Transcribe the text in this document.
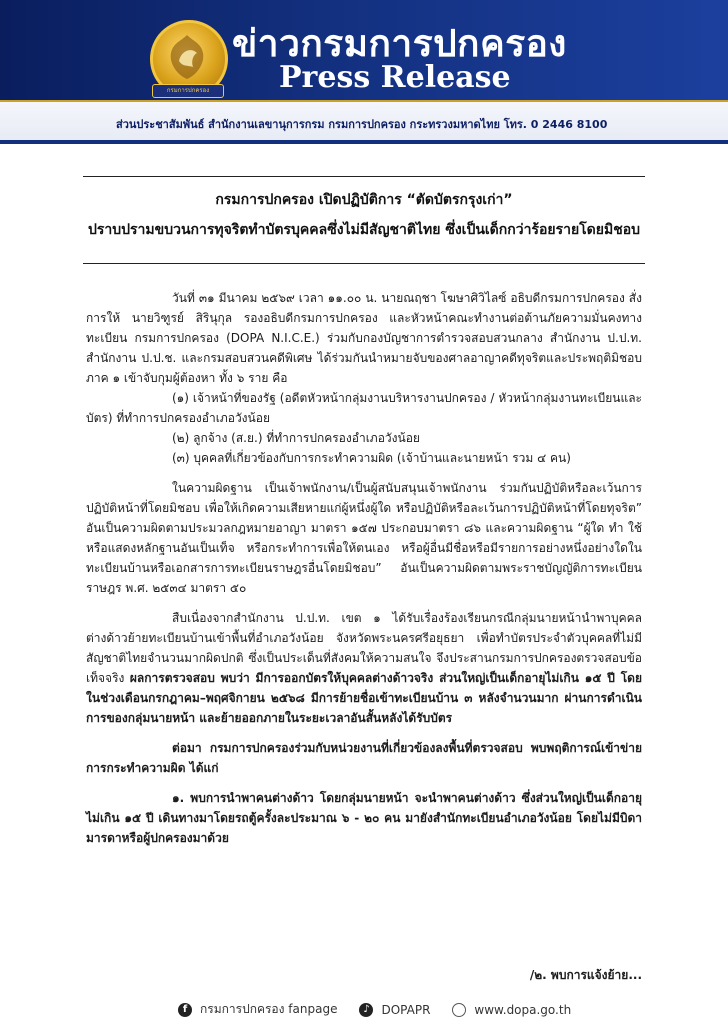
กรมการปกครอง
ข่าวกรมการปกครอง
Press Release
ส่วนประชาสัมพันธ์ สำนักงานเลขานุการกรม กรมการปกครอง กระทรวงมหาดไทย โทร. 0 2446 8100
กรมการปกครอง เปิดปฏิบัติการ “ตัดบัตรกรุงเก่า”
ปราบปรามขบวนการทุจริตทำบัตรบุคคลซึ่งไม่มีสัญชาติไทย ซึ่งเป็นเด็กกว่าร้อยรายโดยมิชอบ

วันที่ ๓๑ มีนาคม ๒๕๖๙ เวลา ๑๑.๐๐ น. นายณฤชา โฆษาศิวิไลซ์ อธิบดีกรมการปกครอง สั่งการให้ นายวิฑูรย์ สิรินุกุล รองอธิบดีกรมการปกครอง และหัวหน้าคณะทำงานต่อต้านภัยความมั่นคงทางทะเบียน กรมการปกครอง (DOPA N.I.C.E.) ร่วมกับกองบัญชาการตำรวจสอบสวนกลาง สำนักงาน ป.ป.ท. สำนักงาน ป.ป.ช. และกรมสอบสวนคดีพิเศษ ได้ร่วมกันนำหมายจับของศาลอาญาคดีทุจริตและประพฤติมิชอบภาค ๑ เข้าจับกุมผู้ต้องหา ทั้ง ๖ ราย คือ

(๑) เจ้าหน้าที่ของรัฐ (อดีตหัวหน้ากลุ่มงานบริหารงานปกครอง / หัวหน้ากลุ่มงานทะเบียนและบัตร) ที่ทำการปกครองอำเภอวังน้อย

(๒) ลูกจ้าง (ส.ย.) ที่ทำการปกครองอำเภอวังน้อย

(๓) บุคคลที่เกี่ยวข้องกับการกระทำความผิด (เจ้าบ้านและนายหน้า รวม ๔ คน)

ในความผิดฐาน เป็นเจ้าพนักงาน/เป็นผู้สนับสนุนเจ้าพนักงาน ร่วมกันปฏิบัติหรือละเว้นการปฏิบัติหน้าที่โดยมิชอบ เพื่อให้เกิดความเสียหายแก่ผู้หนึ่งผู้ใด หรือปฏิบัติหรือละเว้นการปฏิบัติหน้าที่โดยทุจริต” อันเป็นความผิดตามประมวลกฎหมายอาญา มาตรา ๑๕๗ ประกอบมาตรา ๘๖ และความผิดฐาน “ผู้ใด ทำ ใช้ หรือแสดงหลักฐานอันเป็นเท็จ หรือกระทำการเพื่อให้ตนเอง หรือผู้อื่นมีชื่อหรือมีรายการอย่างหนึ่งอย่างใดในทะเบียนบ้านหรือเอกสารการทะเบียนราษฎรอื่นโดยมิชอบ” อันเป็นความผิดตามพระราชบัญญัติการทะเบียนราษฎร พ.ศ. ๒๕๓๔ มาตรา ๕๐

สืบเนื่องจากสำนักงาน ป.ป.ท. เขต ๑ ได้รับเรื่องร้องเรียนกรณีกลุ่มนายหน้านำพาบุคคลต่างด้าวย้ายทะเบียนบ้านเข้าพื้นที่อำเภอวังน้อย จังหวัดพระนครศรีอยุธยา เพื่อทำบัตรประจำตัวบุคคลที่ไม่มีสัญชาติไทยจำนวนมากผิดปกติ ซึ่งเป็นประเด็นที่สังคมให้ความสนใจ จึงประสานกรมการปกครองตรวจสอบข้อเท็จจริง ผลการตรวจสอบ พบว่า มีการออกบัตรให้บุคคลต่างด้าวจริง ส่วนใหญ่เป็นเด็กอายุไม่เกิน ๑๕ ปี โดยในช่วงเดือนกรกฎาคม–พฤศจิกายน ๒๕๖๘ มีการย้ายชื่อเข้าทะเบียนบ้าน ๓ หลังจำนวนมาก ผ่านการดำเนินการของกลุ่มนายหน้า และย้ายออกภายในระยะเวลาอันสั้นหลังได้รับบัตร

ต่อมา กรมการปกครองร่วมกับหน่วยงานที่เกี่ยวข้องลงพื้นที่ตรวจสอบ พบพฤติการณ์เข้าข่ายการกระทำความผิด ได้แก่

๑. พบการนำพาคนต่างด้าว โดยกลุ่มนายหน้า จะนำพาคนต่างด้าว ซึ่งส่วนใหญ่เป็นเด็กอายุไม่เกิน ๑๕ ปี เดินทางมาโดยรถตู้ครั้งละประมาณ ๖ - ๒๐ คน มายังสำนักทะเบียนอำเภอวังน้อย โดยไม่มีบิดามารดาหรือผู้ปกครองมาด้วย

/๒. พบการแจ้งย้าย...
f	กรมการปกครอง fanpage	♪ DOPAPR	www.dopa.go.th
